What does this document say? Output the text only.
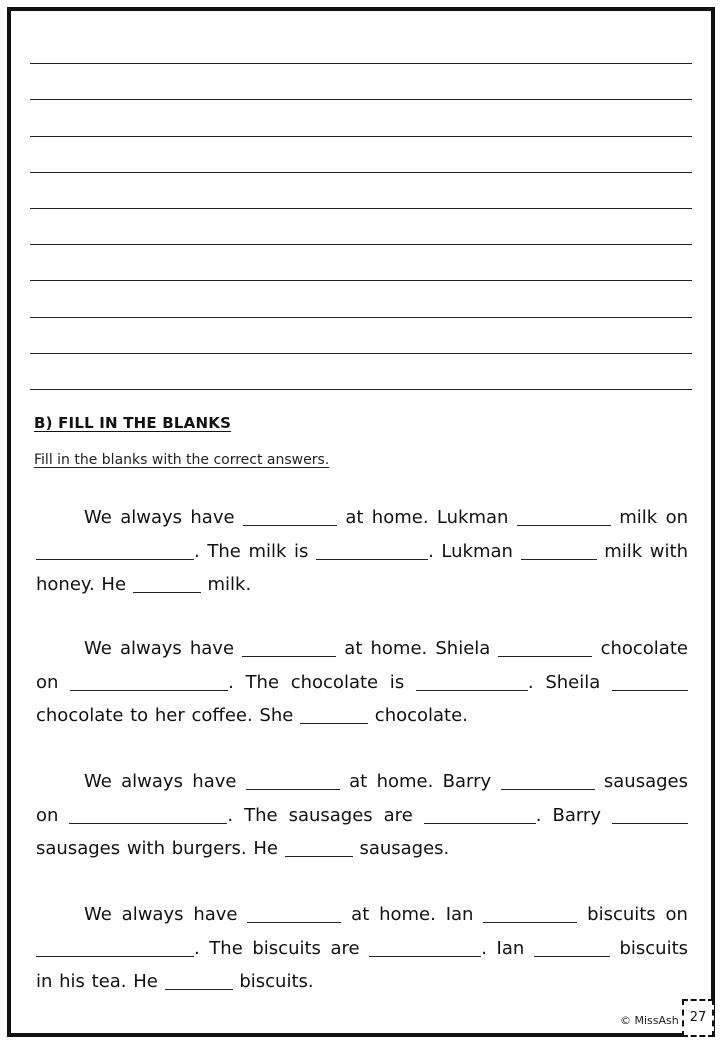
B) FILL IN THE BLANKS
Fill in the blanks with the correct answers.

We always have	at home. Lukman	milk on . The milk is	. Lukman	milk with honey. He	milk.

We always have	at home. Shiela	chocolate on	. The chocolate is	. Sheila  chocolate to her coffee. She	chocolate.

We always have	at home. Barry	sausages on	. The sausages are	. Barry  sausages with burgers. He	sausages.

We always have	at home. Ian	biscuits on . The biscuits are	. Ian	biscuits in his tea. He	biscuits.

© MissAsh 27
